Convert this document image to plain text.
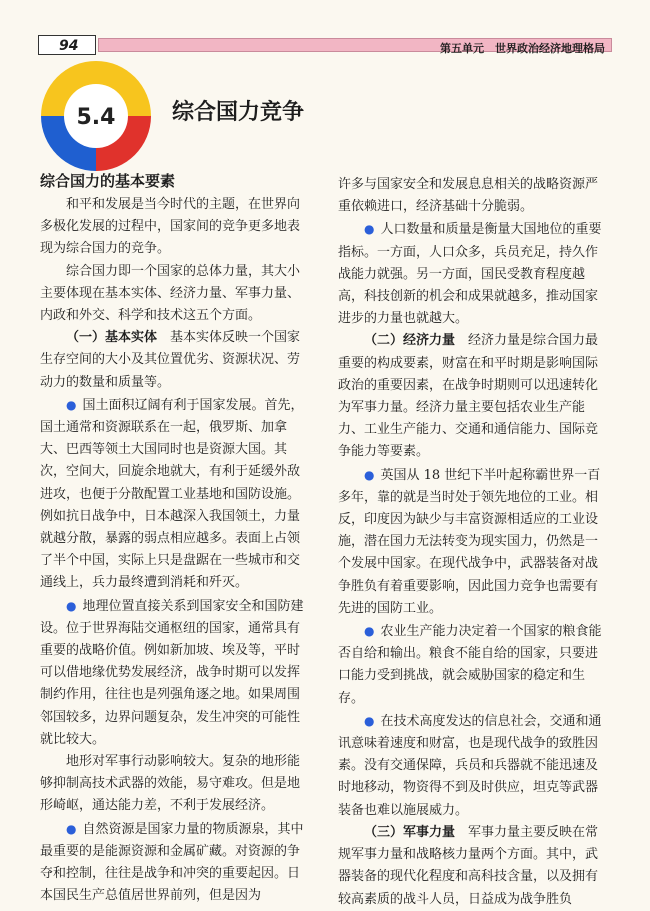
94	第五单元　世界政治经济地理格局
5.4	综合国力竞争
综合国力的基本要素

和平和发展是当今时代的主题，在世界向多极化发展的过程中，国家间的竞争更多地表现为综合国力的竞争。

综合国力即一个国家的总体力量，其大小主要体现在基本实体、经济力量、军事力量、内政和外交、科学和技术这五个方面。

（一）基本实体　 基本实体反映一个国家生存空间的大小及其位置优劣、资源状况、劳动力的数量和质量等。

● 国土面积辽阔有利于国家发展。首先，国土通常和资源联系在一起，俄罗斯、加拿大、巴西等领土大国同时也是资源大国。其次，空间大，回旋余地就大，有利于延缓外敌进攻，也便于分散配置工业基地和国防设施。例如抗日战争中，日本越深入我国领土，力量就越分散，暴露的弱点相应越多。表面上占领了半个中国，实际上只是盘踞在一些城市和交通线上，兵力最终遭到消耗和歼灭。

● 地理位置直接关系到国家安全和国防建设。位于世界海陆交通枢纽的国家，通常具有重要的战略价值。例如新加坡、埃及等，平时可以借地缘优势发展经济，战争时期可以发挥制约作用，往往也是列强角逐之地。如果周围邻国较多，边界问题复杂，发生冲突的可能性就比较大。

地形对军事行动影响较大。复杂的地形能够抑制高技术武器的效能，易守难攻。但是地形崎岖，通达能力差，不利于发展经济。

● 自然资源是国家力量的物质源泉，其中最重要的是能源资源和金属矿藏。对资源的争夺和控制，往往是战争和冲突的重要起因。日本国民生产总值居世界前列，但是因为

许多与国家安全和发展息息相关的战略资源严重依赖进口，经济基础十分脆弱。

● 人口数量和质量是衡量大国地位的重要指标。一方面，人口众多，兵员充足，持久作战能力就强。另一方面，国民受教育程度越高，科技创新的机会和成果就越多，推动国家进步的力量也就越大。

（二）经济力量　 经济力量是综合国力最重要的构成要素，财富在和平时期是影响国际政治的重要因素，在战争时期则可以迅速转化为军事力量。经济力量主要包括农业生产能力、工业生产能力、交通和通信能力、国际竞争能力等要素。

● 英国从 18 世纪下半叶起称霸世界一百多年，靠的就是当时处于领先地位的工业。相反，印度因为缺少与丰富资源相适应的工业设施，潜在国力无法转变为现实国力，仍然是一个发展中国家。在现代战争中，武器装备对战争胜负有着重要影响，因此国力竞争也需要有先进的国防工业。

● 农业生产能力决定着一个国家的粮食能否自给和输出。粮食不能自给的国家，只要进口能力受到挑战，就会威胁国家的稳定和生存。

● 在技术高度发达的信息社会，交通和通讯意味着速度和财富，也是现代战争的致胜因素。没有交通保障，兵员和兵器就不能迅速及时地移动，物资得不到及时供应，坦克等武器装备也难以施展威力。

（三）军事力量　 军事力量主要反映在常规军事力量和战略核力量两个方面。其中，武器装备的现代化程度和高科技含量，以及拥有较高素质的战斗人员，日益成为战争胜负
